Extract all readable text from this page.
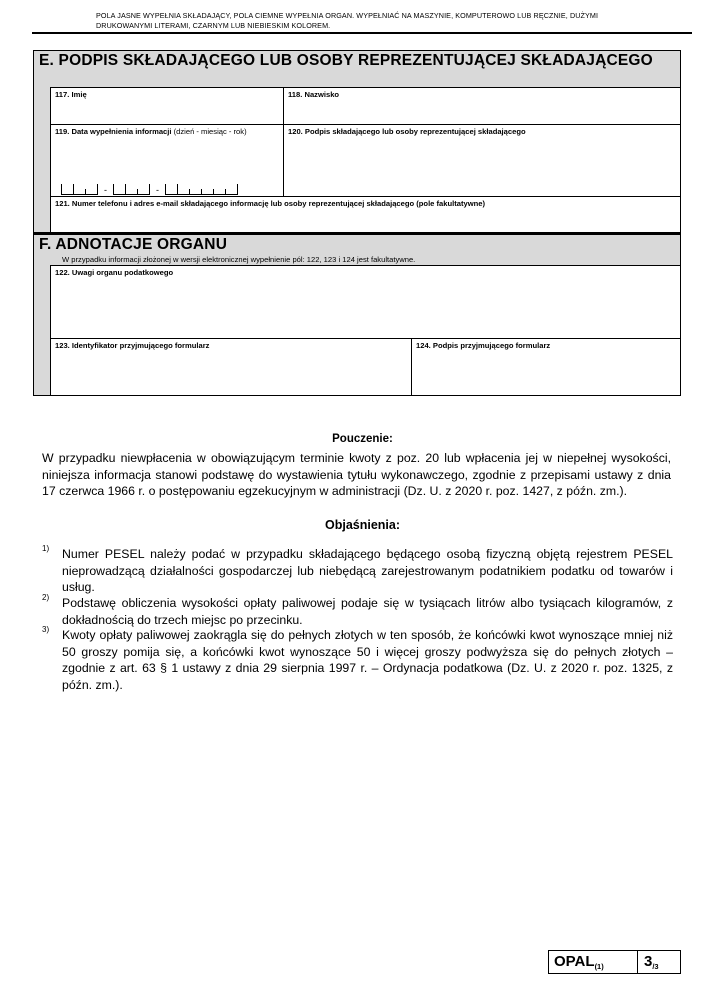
POLA JASNE WYPEŁNIA SKŁADAJĄCY, POLA CIEMNE WYPEŁNIA ORGAN. WYPEŁNIAĆ NA MASZYNIE, KOMPUTEROWO LUB RĘCZNIE, DUŻYMI
DRUKOWANYMI LITERAMI, CZARNYM LUB NIEBIESKIM KOLOREM.
E. PODPIS SKŁADAJĄCEGO LUB OSOBY REPREZENTUJĄCEJ SKŁADAJĄCEGO
117. Imię	118. Nazwisko
119. Data wypełnienia informacji (dzień - miesiąc - rok)
-	-
120. Podpis składającego lub osoby reprezentującej składającego
121. Numer telefonu i adres e-mail składającego informację lub osoby reprezentującej składającego (pole fakultatywne)
F. ADNOTACJE ORGANU
W przypadku informacji złożonej w wersji elektronicznej wypełnienie pól: 122, 123 i 124 jest fakultatywne.
122. Uwagi organu podatkowego
123. Identyfikator przyjmującego formularz	124. Podpis przyjmującego formularz
Pouczenie:
W przypadku niewpłacenia w obowiązującym terminie kwoty z poz. 20 lub wpłacenia jej w niepełnej wysokości, niniejsza informacja stanowi podstawę do wystawienia tytułu wykonawczego, zgodnie z przepisami ustawy z dnia 17 czerwca 1966 r. o postępowaniu egzekucyjnym w administracji (Dz. U. z 2020 r. poz. 1427, z późn. zm.).
Objaśnienia:
1) Numer PESEL należy podać w przypadku składającego będącego osobą fizyczną objętą rejestrem PESEL nieprowadzącą działalności gospodarczej lub niebędącą zarejestrowanym podatnikiem podatku od towarów i usług.
2) Podstawę obliczenia wysokości opłaty paliwowej podaje się w tysiącach litrów albo tysiącach kilogramów, z dokładnością do trzech miejsc po przecinku.
3) Kwoty opłaty paliwowej zaokrągla się do pełnych złotych w ten sposób, że końcówki kwot wynoszące mniej niż 50 groszy pomija się, a końcówki kwot wynoszące 50 i więcej groszy podwyższa się do pełnych złotych – zgodnie z art. 63 § 1 ustawy z dnia 29 sierpnia 1997 r. – Ordynacja podatkowa (Dz. U. z 2020 r. poz. 1325, z późn. zm.).
$OPAL_{(1)}$	$3_{/3}$
